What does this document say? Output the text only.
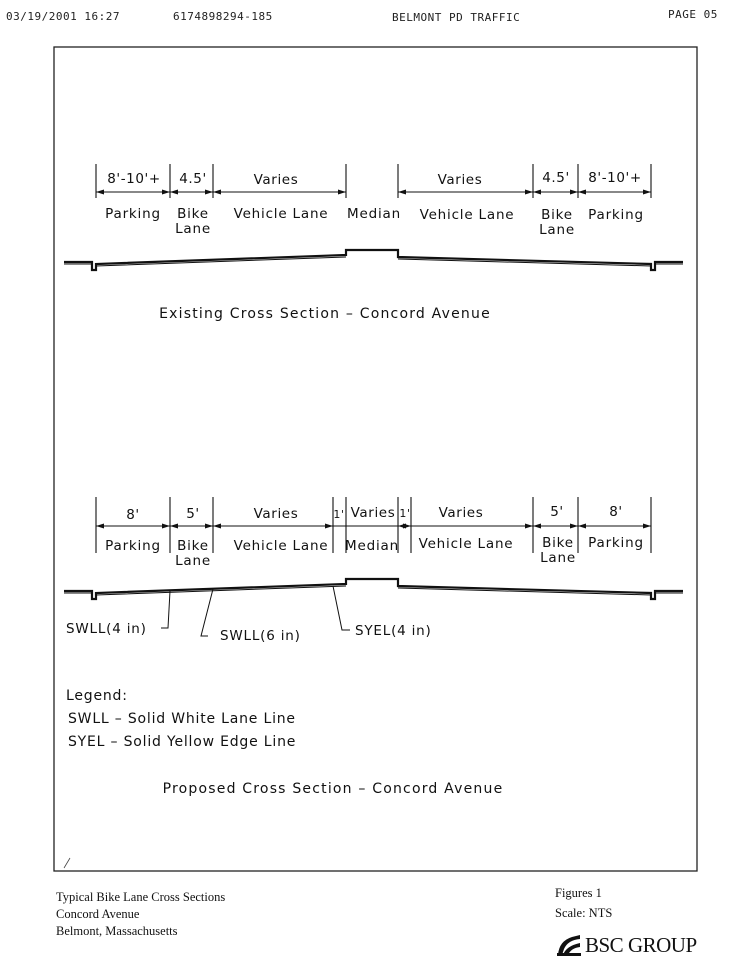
03/19/2001 16:27	6174898294-185	BELMONT PD TRAFFIC	PAGE 05
8'-10'+ 4.5'	Varies	Varies	4.5' 8'-10'+
Parking Bike
Lane
Vehicle Lane Median Vehicle Lane Bike
Lane
Parking
Existing Cross Section – Concord Avenue
8'	5'	Varies	1' Varies 1' Varies	5'	8'
Parking Bike
Lane
Vehicle Lane Median Vehicle Lane Bike
Lane
Parking
SWLL(4 in)	SWLL(6 in)	SYEL(4 in)
Legend:
SWLL – Solid White Lane Line
SYEL – Solid Yellow Edge Line
Proposed Cross Section – Concord Avenue
Typical Bike Lane Cross Sections
Concord Avenue
Belmont, Massachusetts
Figures 1
Scale: NTS
BSC GROUP
